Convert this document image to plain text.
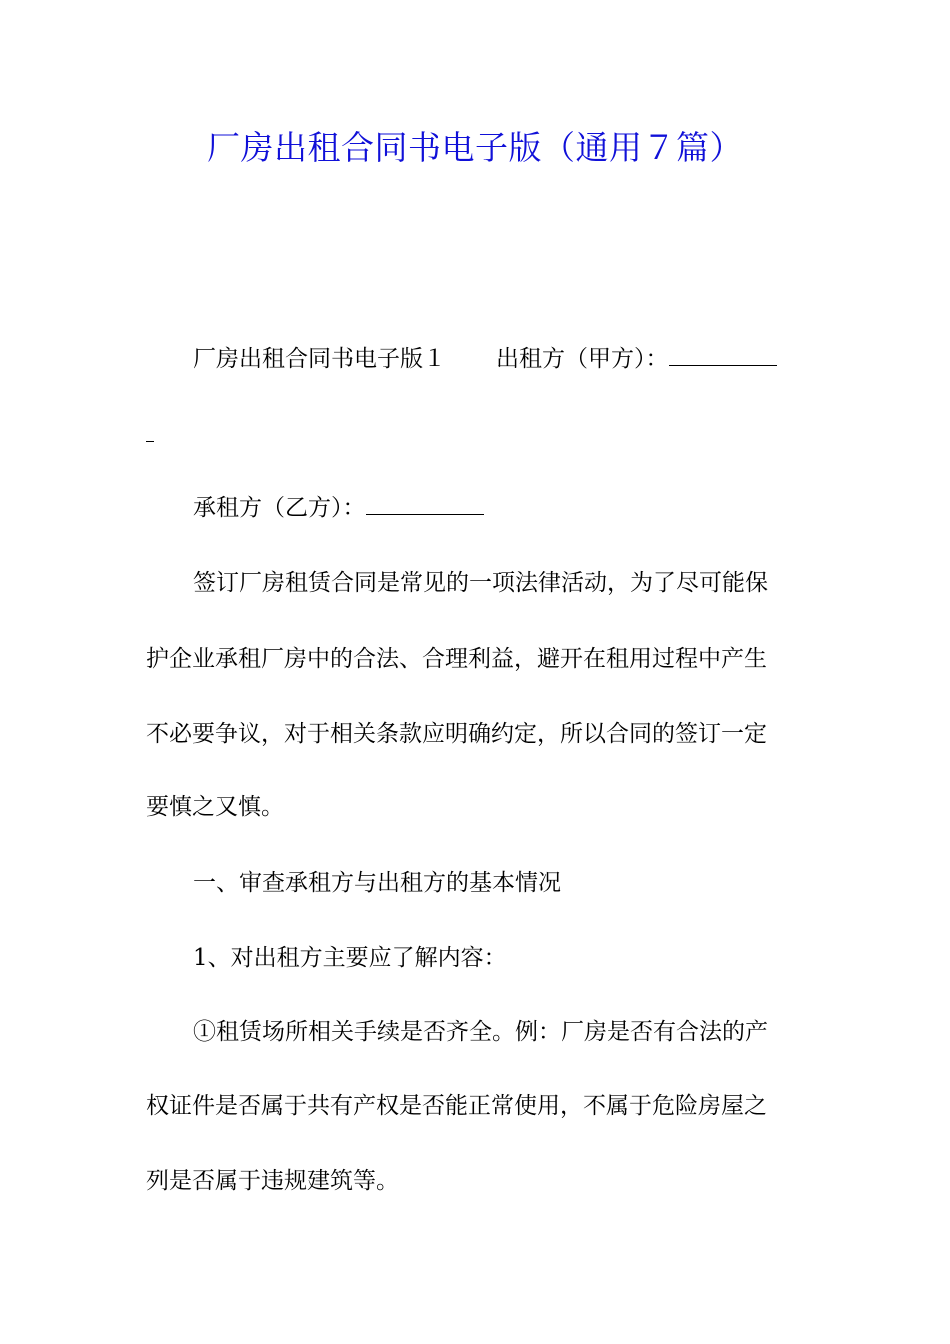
厂房出租合同书电子版（通用７篇）
厂房出租合同书电子版１ 出租方（甲方）：
承租方（乙方）：
签订厂房租赁合同是常见的一项法律活动，为了尽可能保
护企业承租厂房中的合法、合理利益，避开在租用过程中产生
不必要争议，对于相关条款应明确约定，所以合同的签订一定
要慎之又慎。
一、审查承租方与出租方的基本情况
1、对出租方主要应了解内容：
①租赁场所相关手续是否齐全。例：厂房是否有合法的产
权证件是否属于共有产权是否能正常使用，不属于危险房屋之
列是否属于违规建筑等。
